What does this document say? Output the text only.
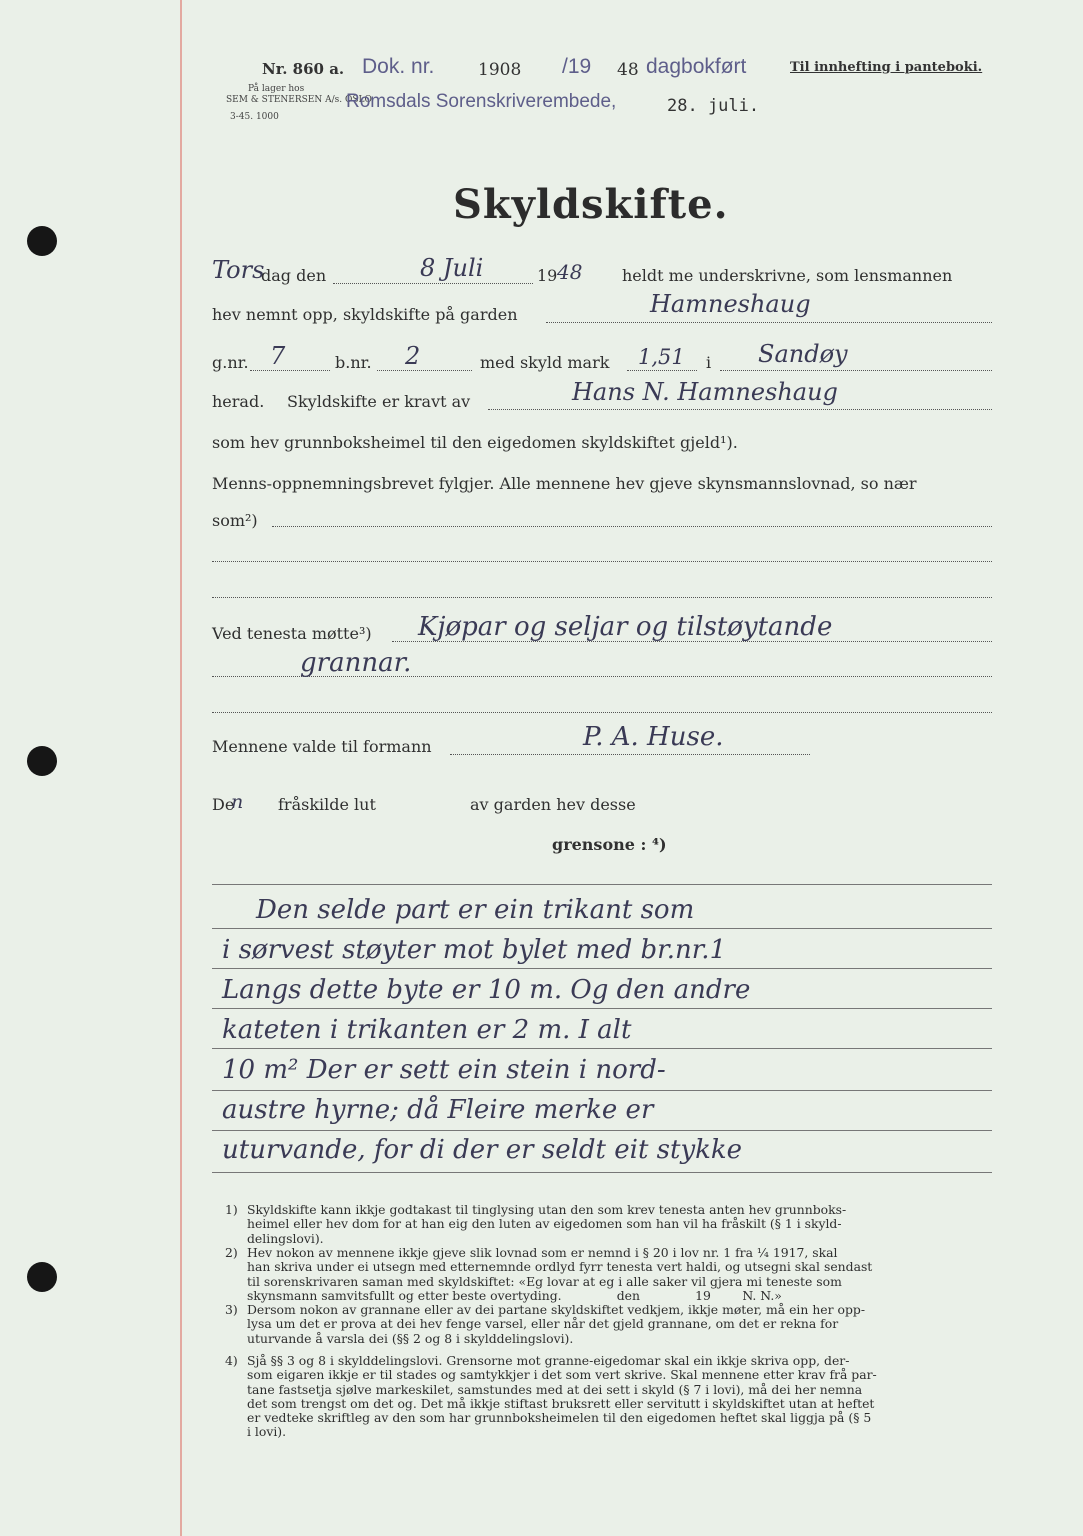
Nr. 860 a. Dok. nr.	1908 /19 48 dagbokført	Til innhefting i panteboki.
På lager hos
SEM & STENERSEN A/s. OSLO
3-45. 1000
Romsdals Sorenskriverembede,	28. juli.
Skyldskifte.
Tors
dag den	8 Juli	19 48 heldt me underskrivne, som lensmannen
hev nemnt opp, skyldskifte på garden	Hamneshaug
g.nr. 7	b.nr. 2	med skyld mark 1,51 i Sandøy
herad. Skyldskifte er kravt av	Hans N. Hamneshaug
som hev grunnboksheimel til den eigedomen skyldskiftet gjeld¹).
Menns-oppnemningsbrevet fylgjer. Alle mennene hev gjeve skynsmannslovnad, so nær
som²)
Ved tenesta møtte³) Kjøpar og seljar og tilstøytande
grannar.
Mennene valde til formann	P. A. Huse.
De
n fråskilde lut	av garden hev desse
grensone : ⁴)
Den selde part er ein trikant som
i sørvest støyter mot bylet med br.nr.1
Langs dette byte er 10 m. Og den andre
kateten i trikanten er 2 m. I alt
10 m² Der er sett ein stein i nord-
austre hyrne; då Fleire merke er
uturvande, for di der er seldt eit stykke
1) Skyldskifte kann ikkje godtakast til tinglysing utan den som krev tenesta anten hev grunnboks-
heimel eller hev dom for at han eig den luten av eigedomen som han vil ha fråskilt (§ 1 i skyld-
delingslovi).
2) Hev nokon av mennene ikkje gjeve slik lovnad som er nemnd i § 20 i lov nr. 1 fra ¼ 1917, skal
han skriva under ei utsegn med etternemnde ordlyd fyrr tenesta vert haldi, og utsegni skal sendast
til sorenskrivaren saman med skyldskiftet: «Eg lovar at eg i alle saker vil gjera mi teneste som
skynsmann samvitsfullt og etter beste overtyding.              den              19        N. N.»
3) Dersom nokon av grannane eller av dei partane skyldskiftet vedkjem, ikkje møter, må ein her opp-
lysa um det er prova at dei hev fenge varsel, eller når det gjeld grannane, om det er rekna for
uturvande å varsla dei (§§ 2 og 8 i skylddelingslovi).
4) Sjå §§ 3 og 8 i skylddelingslovi. Grensorne mot granne-eigedomar skal ein ikkje skriva opp, der-
som eigaren ikkje er til stades og samtykkjer i det som vert skrive. Skal mennene etter krav frå par-
tane fastsetja sjølve markeskilet, samstundes med at dei sett i skyld (§ 7 i lovi), må dei her nemna
det som trengst om det og. Det må ikkje stiftast bruksrett eller servitutt i skyldskiftet utan at heftet
er vedteke skriftleg av den som har grunnboksheimelen til den eigedomen heftet skal liggja på (§ 5
i lovi).
